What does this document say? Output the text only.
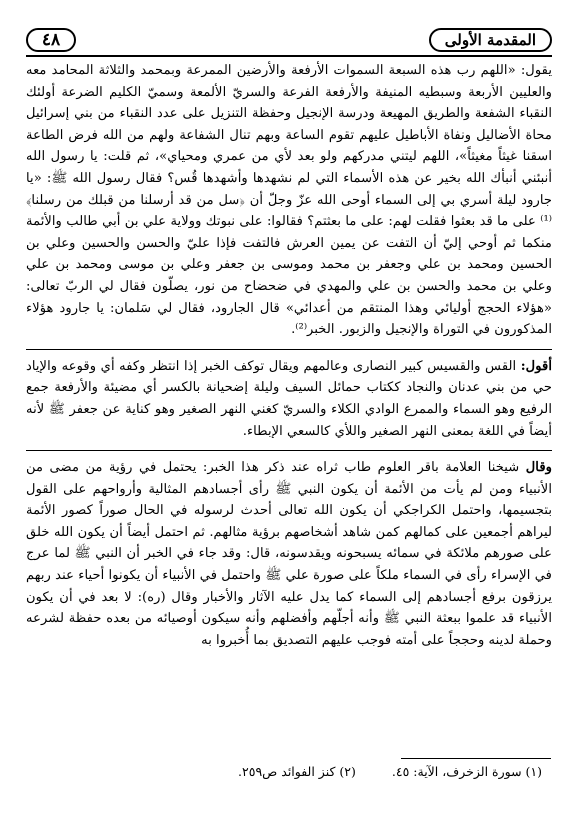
٤٨	المقدمة الأولى

يقول: «اللهم رب هذه السبعة السموات الأرفعة والأرضين الممرعة وبمحمد والثلاثة المحامد معه والعليين الأربعة وسبطيه المنيفة والأرفعة الفرعة والسريّ الألمعة وسميّ الكليم الضرعة أولئك النقباء الشفعة والطريق المهيعة ودرسة الإنجيل وحفظة التنزيل على عدد النقباء من بني إسرائيل محاة الأضاليل ونفاة الأباطيل عليهم تقوم الساعة وبهم تنال الشفاعة ولهم من الله فرض الطاعة اسقنا غيثاً مغيثاً»، اللهم ليتني مدركهم ولو بعد لأي من عمري ومحياي»، ثم قلت: يا رسول الله أنبئني أنبأك الله بخير عن هذه الأسماء التي لم نشهدها وأشهدها قُس؟ فقال رسول الله ﷺ: «يا جارود ليلة أسري بي إلى السماء أوحى الله عزّ وجلّ أن ﴿سل من قد أرسلنا من قبلك من رسلنا﴾⁽¹⁾ على ما قد بعثوا فقلت لهم: على ما بعثتم؟ فقالوا: على نبوتك وولاية علي بن أبي طالب والأئمة منكما ثم أوحي إليّ أن التفت عن يمين العرش فالتفت فإذا عليّ والحسن والحسين وعلي بن الحسين ومحمد بن علي وجعفر بن محمد وموسى بن جعفر وعلي بن موسى ومحمد بن علي وعلي بن محمد والحسن بن علي والمهدي في ضحضاح من نور، يصلّون فقال لي الربّ تعالى: «هؤلاء الحجج أوليائي وهذا المنتقم من أعدائي» قال الجارود، فقال لي سَلمان: يا جارود هؤلاء المذكورون في التوراة والإنجيل والزبور. الخبر⁽²⁾.

أقول: القس والقسيس كبير النصارى وعالمهم ويقال توكف الخبر إذا انتظر وكفه أي وقوعه والإياد حي من بني عدنان والنجاد ككتاب حمائل السيف وليلة إضحيانة بالكسر أي مضيئة والأرفعة جمع الرفيع وهو السماء والممرع الوادي الكلاء والسريّ كغني النهر الصغير وهو كناية عن جعفر ﷺ لأنه أيضاً في اللغة بمعنى النهر الصغير واللأي كالسعي الإبطاء.

وقال شيخنا العلامة باقر العلوم طاب ثراه عند ذكر هذا الخبر: يحتمل في رؤية من مضى من الأنبياء ومن لم يأت من الأئمة أن يكون النبي ﷺ رأى أجسادهم المثالية وأرواحهم على القول بتجسيمها، واحتمل الكراجكي أن يكون الله تعالى أحدث لرسوله في الحال صوراً كصور الأئمة ليراهم أجمعين على كمالهم كمن شاهد أشخاصهم برؤية مثالهم. ثم احتمل أيضاً أن يكون الله خلق على صورهم ملائكة في سمائه يسبحونه ويقدسونه، قال: وقد جاء في الخبر أن النبي ﷺ لما عرج في الإسراء رأى في السماء ملكاً على صورة علي ﷺ واحتمل في الأنبياء أن يكونوا أحياء عند ربهم يرزقون برفع أجسادهم إلى السماء كما يدل عليه الآثار والأخبار وقال (ره): لا بعد في أن يكون الأنبياء قد علموا ببعثة النبي ﷺ وأنه أجلّهم وأفضلهم وأنه سيكون أوصيائه من بعده حفظة لشرعه وحملة لدينه وحججاً على أمته فوجب عليهم التصديق بما أُخبروا به

(١) سورة الزخرف، الآية: ٤٥.
(٢) كنز الفوائد ص٢٥٩.
